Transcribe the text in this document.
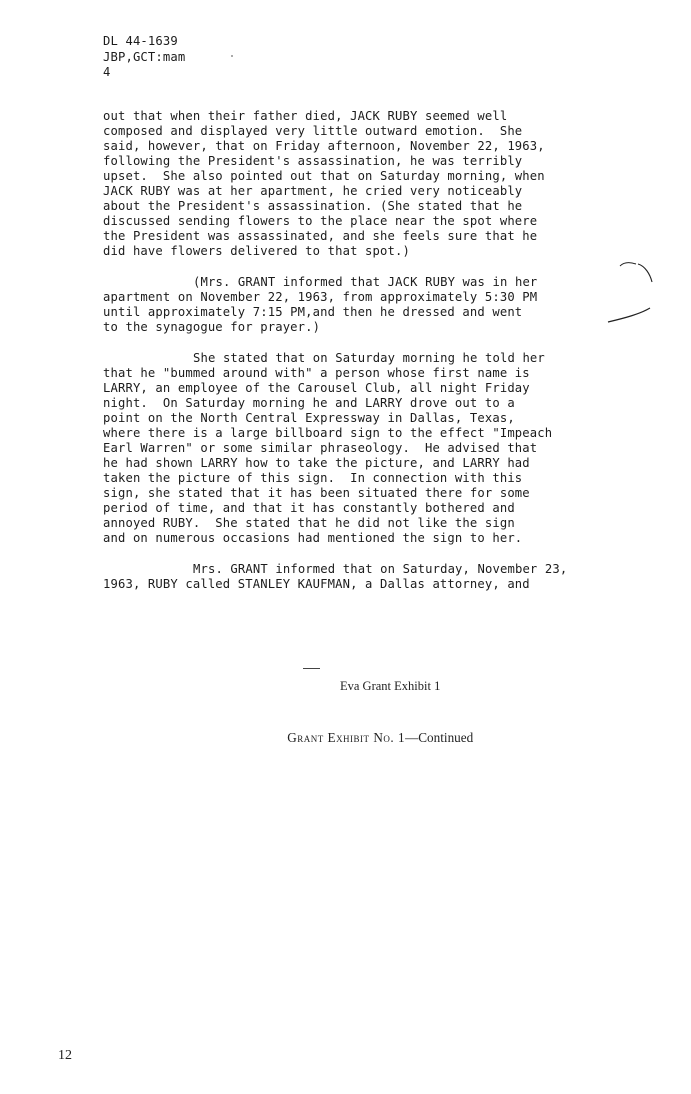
DL 44-1639
JBP,GCT:mam
4
out that when their father died, JACK RUBY seemed well
composed and displayed very little outward emotion.  She
said, however, that on Friday afternoon, November 22, 1963,
following the President's assassination, he was terribly
upset.  She also pointed out that on Saturday morning, when
JACK RUBY was at her apartment, he cried very noticeably
about the President's assassination. (She stated that he
discussed sending flowers to the place near the spot where
the President was assassinated, and she feels sure that he
did have flowers delivered to that spot.)
(Mrs. GRANT informed that JACK RUBY was in her
apartment on November 22, 1963, from approximately 5:30 PM
until approximately 7:15 PM,and then he dressed and went
to the synagogue for prayer.)
She stated that on Saturday morning he told her
that he "bummed around with" a person whose first name is
LARRY, an employee of the Carousel Club, all night Friday
night.  On Saturday morning he and LARRY drove out to a
point on the North Central Expressway in Dallas, Texas,
where there is a large billboard sign to the effect "Impeach
Earl Warren" or some similar phraseology.  He advised that
he had shown LARRY how to take the picture, and LARRY had
taken the picture of this sign.  In connection with this
sign, she stated that it has been situated there for some
period of time, and that it has constantly bothered and
annoyed RUBY.  She stated that he did not like the sign
and on numerous occasions had mentioned the sign to her.
Mrs. GRANT informed that on Saturday, November 23,
1963, RUBY called STANLEY KAUFMAN, a Dallas attorney, and
Eva Grant Exhibit 1

Grant Exhibit No. 1—Continued

12
